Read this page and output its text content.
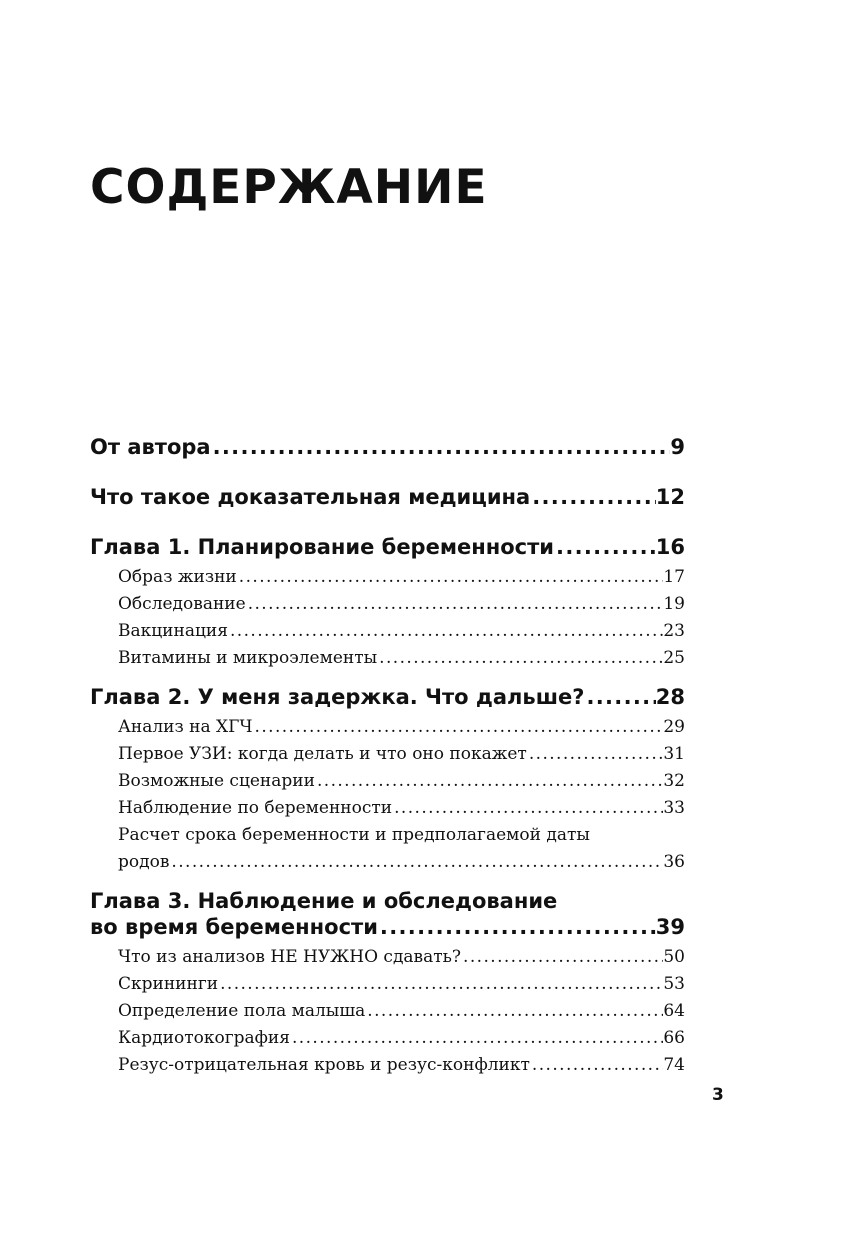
СОДЕРЖАНИЕ
От автора . . .	9
Что такое доказательная медицина . . .	12
Глава 1. Планирование беременности . . .	16
Образ жизни . . .	17
Обследование . . .	19
Вакцинация . . .	23
Витамины и микроэлементы . . .	25
Глава 2. У меня задержка. Что дальше? . . .	28
Анализ на ХГЧ . . .	29
Первое УЗИ: когда делать и что оно покажет . . .	31
Возможные сценарии . . .	32
Наблюдение по беременности . . .	33
Расчет срока беременности и предполагаемой даты
родов . . .	36
Глава 3. Наблюдение и обследование
во время беременности . . .	39
Что из анализов НЕ НУЖНО сдавать? . . .	50
Скрининги . . .	53
Определение пола малыша . . .	64
Кардиотокография . . .	66
Резус-отрицательная кровь и резус-конфликт . . .	74
3
